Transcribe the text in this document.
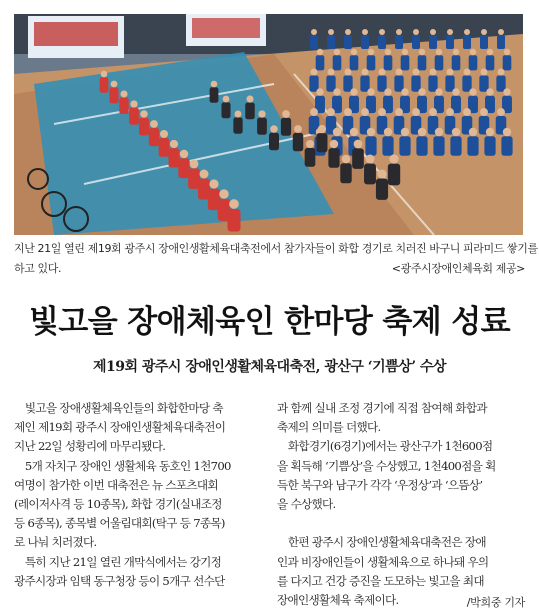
지난 21일 열린 제19회 광주시 장애인생활체육대축전에서 참가자들이 화합 경기로 치러진 바구니 피라미드 쌓기를
하고 있다.	<광주시장애인체육회 제공>
빛고을 장애체육인 한마당 축제 성료
제19회 광주시 장애인생활체육대축전, 광산구 ‘기쁨상’ 수상
　빛고을 장애생활체육인들의 화합한마당 축
제인 제19회 광주시 장애인생활체육대축전이
지난 22일 성황리에 마무리됐다.
　5개 자치구 장애인 생활체육 동호인 1천700
여명이 참가한 이번 대축전은 뉴 스포츠대회
(레이저사격 등 10종목), 화합 경기(실내조정
등 6종목), 종목별 어울림대회(탁구 등 7종목)
로 나눠 치러졌다.
　특히 지난 21일 열린 개막식에서는 강기정
광주시장과 임택 동구청장 등이 5개구 선수단
과 함께 실내 조정 경기에 직접 참여해 화합과
축제의 의미를 더했다.
　화합경기(6경기)에서는 광산구가 1천600점
을 획득해 ‘기쁨상’을 수상했고, 1천400점을 획
득한 북구와 남구가 각각 ‘우정상’과 ‘으뜸상’
을 수상했다.

　한편 광주시 장애인생활체육대축전은 장애
인과 비장애인들이 생활체육으로 하나돼 우의
를 다지고 건강 증진을 도모하는 빛고을 최대
장애인생활체육 축제이다.	/박희중 기자
